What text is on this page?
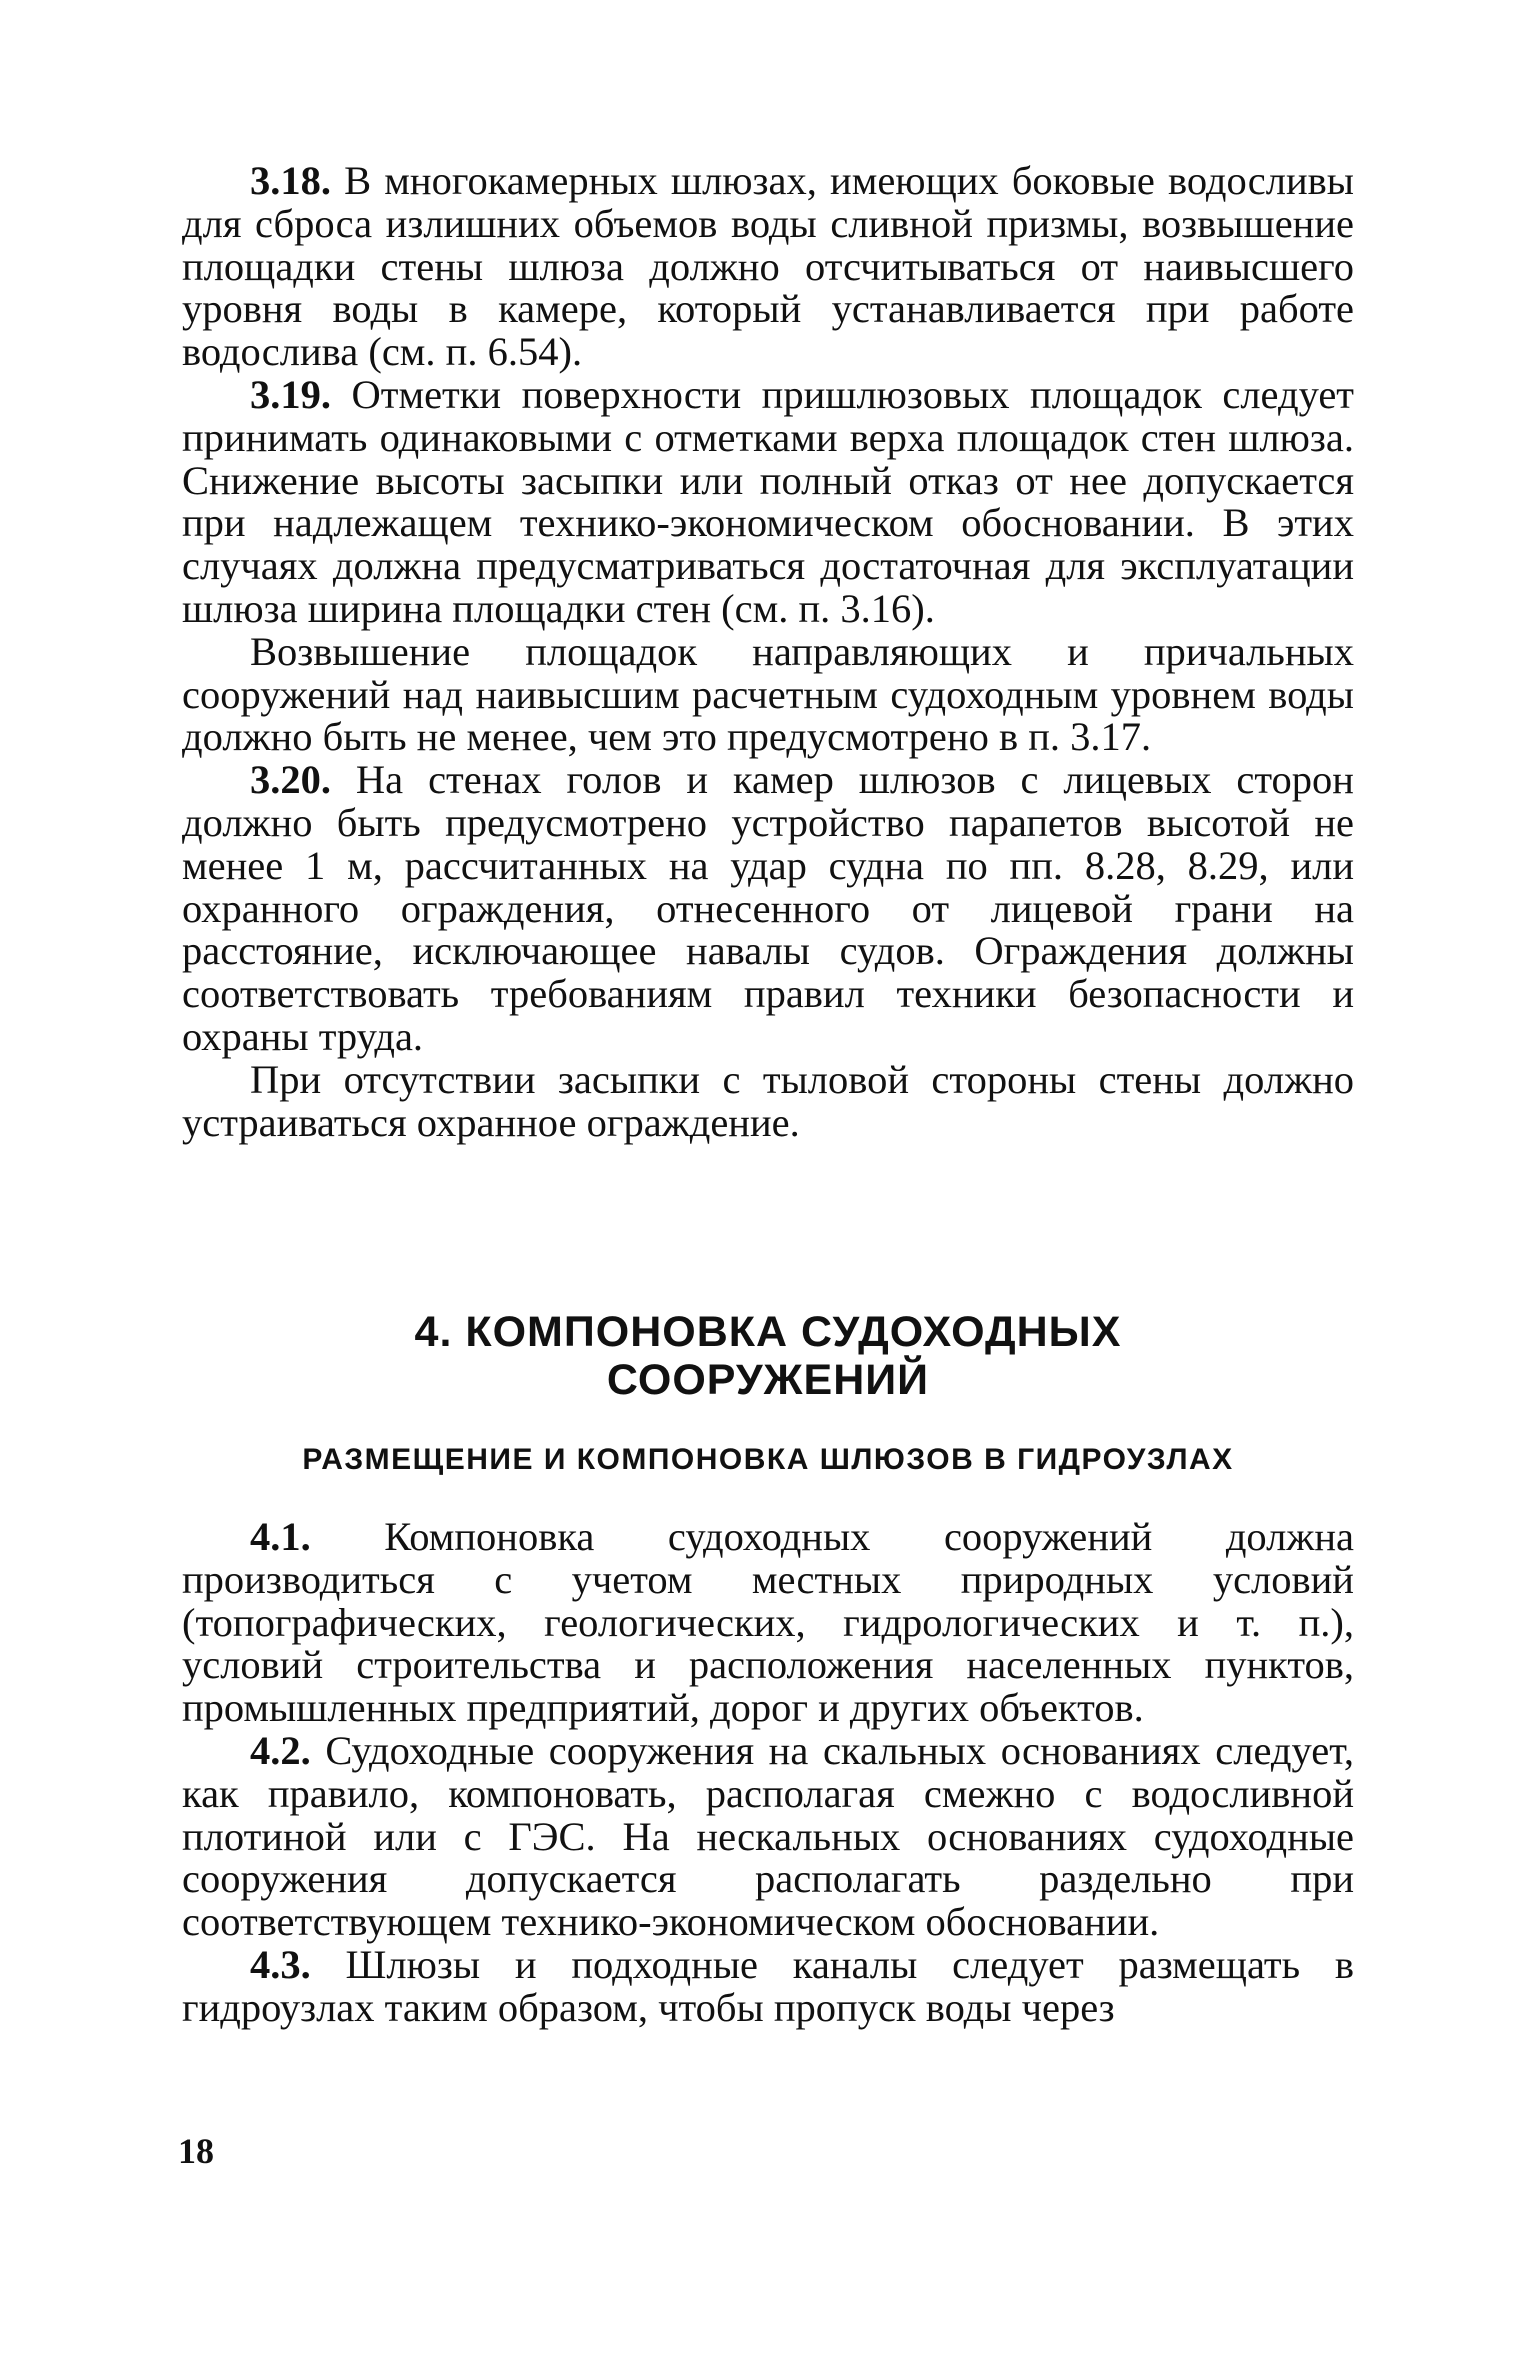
3.18. В многокамерных шлюзах, имеющих боковые водосливы для сброса излишних объемов воды сливной призмы, возвышение площадки стены шлюза должно отсчитываться от наивысшего уровня воды в камере, который устанавливается при работе водослива (см. п. 6.54).

3.19. Отметки поверхности пришлюзовых площадок следует принимать одинаковыми с отметками верха площадок стен шлюза. Снижение высоты засыпки или полный отказ от нее допускается при надлежащем технико-экономическом обосновании. В этих случаях должна предусматриваться достаточная для эксплуатации шлюза ширина площадки стен (см. п. 3.16).

Возвышение площадок направляющих и причальных сооружений над наивысшим расчетным судоходным уровнем воды должно быть не менее, чем это предусмотрено в п. 3.17.

3.20. На стенах голов и камер шлюзов с лицевых сторон должно быть предусмотрено устройство парапетов высотой не менее 1 м, рассчитанных на удар судна по пп. 8.28, 8.29, или охранного ограждения, отнесенного от лицевой грани на расстояние, исключающее навалы судов. Ограждения должны соответствовать требованиям правил техники безопасности и охраны труда.

При отсутствии засыпки с тыловой стороны стены должно устраиваться охранное ограждение.

4. КОМПОНОВКА СУДОХОДНЫХ
СООРУЖЕНИЙ
РАЗМЕЩЕНИЕ И КОМПОНОВКА ШЛЮЗОВ В ГИДРОУЗЛАХ

4.1. Компоновка судоходных сооружений должна производиться с учетом местных природных условий (топографических, геологических, гидрологических и т. п.), условий строительства и расположения населенных пунктов, промышленных предприятий, дорог и других объектов.

4.2. Судоходные сооружения на скальных основаниях следует, как правило, компоновать, располагая смежно с водосливной плотиной или с ГЭС. На нескальных основаниях судоходные сооружения допускается располагать раздельно при соответствующем технико-экономическом обосновании.

4.3. Шлюзы и подходные каналы следует размещать в гидроузлах таким образом, чтобы пропуск воды через

18
